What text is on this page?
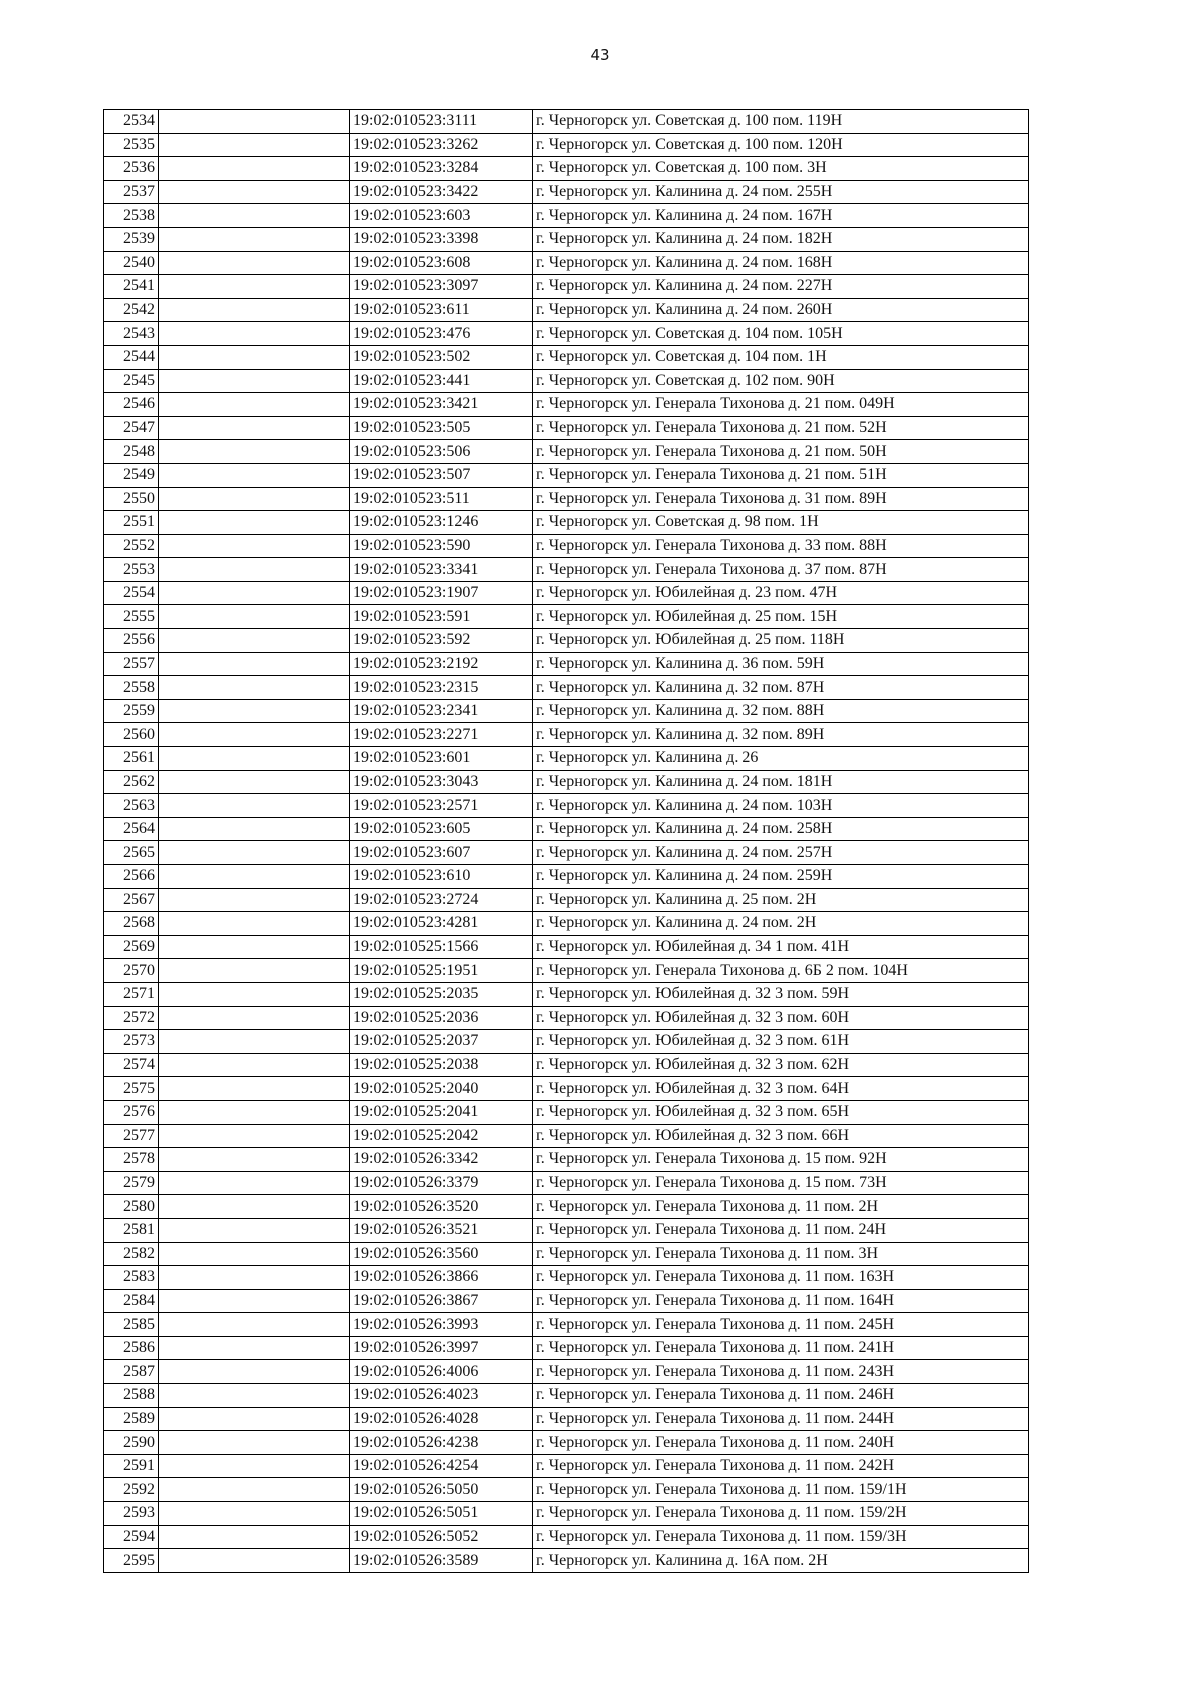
43
2534		19:02:010523:3111	г. Черногорск ул. Советская д. 100 пом. 119Н
2535		19:02:010523:3262	г. Черногорск ул. Советская д. 100 пом. 120Н
2536		19:02:010523:3284	г. Черногорск ул. Советская д. 100 пом. 3Н
2537		19:02:010523:3422	г. Черногорск ул. Калинина д. 24 пом. 255Н
2538		19:02:010523:603	г. Черногорск ул. Калинина д. 24 пом. 167Н
2539		19:02:010523:3398	г. Черногорск ул. Калинина д. 24 пом. 182Н
2540		19:02:010523:608	г. Черногорск ул. Калинина д. 24 пом. 168Н
2541		19:02:010523:3097	г. Черногорск ул. Калинина д. 24 пом. 227Н
2542		19:02:010523:611	г. Черногорск ул. Калинина д. 24 пом. 260Н
2543		19:02:010523:476	г. Черногорск ул. Советская д. 104 пом. 105Н
2544		19:02:010523:502	г. Черногорск ул. Советская д. 104 пом. 1Н
2545		19:02:010523:441	г. Черногорск ул. Советская д. 102 пом. 90Н
2546		19:02:010523:3421	г. Черногорск ул. Генерала Тихонова д. 21 пом. 049Н
2547		19:02:010523:505	г. Черногорск ул. Генерала Тихонова д. 21 пом. 52Н
2548		19:02:010523:506	г. Черногорск ул. Генерала Тихонова д. 21 пом. 50Н
2549		19:02:010523:507	г. Черногорск ул. Генерала Тихонова д. 21 пом. 51Н
2550		19:02:010523:511	г. Черногорск ул. Генерала Тихонова д. 31 пом. 89Н
2551		19:02:010523:1246	г. Черногорск ул. Советская д. 98 пом. 1Н
2552		19:02:010523:590	г. Черногорск ул. Генерала Тихонова д. 33 пом. 88Н
2553		19:02:010523:3341	г. Черногорск ул. Генерала Тихонова д. 37 пом. 87Н
2554		19:02:010523:1907	г. Черногорск ул. Юбилейная д. 23 пом. 47Н
2555		19:02:010523:591	г. Черногорск ул. Юбилейная д. 25 пом. 15Н
2556		19:02:010523:592	г. Черногорск ул. Юбилейная д. 25 пом. 118Н
2557		19:02:010523:2192	г. Черногорск ул. Калинина д. 36 пом. 59Н
2558		19:02:010523:2315	г. Черногорск ул. Калинина д. 32 пом. 87Н
2559		19:02:010523:2341	г. Черногорск ул. Калинина д. 32 пом. 88Н
2560		19:02:010523:2271	г. Черногорск ул. Калинина д. 32 пом. 89Н
2561		19:02:010523:601	г. Черногорск ул. Калинина д. 26
2562		19:02:010523:3043	г. Черногорск ул. Калинина д. 24 пом. 181Н
2563		19:02:010523:2571	г. Черногорск ул. Калинина д. 24 пом. 103Н
2564		19:02:010523:605	г. Черногорск ул. Калинина д. 24 пом. 258Н
2565		19:02:010523:607	г. Черногорск ул. Калинина д. 24 пом. 257Н
2566		19:02:010523:610	г. Черногорск ул. Калинина д. 24 пом. 259Н
2567		19:02:010523:2724	г. Черногорск ул. Калинина д. 25 пом. 2Н
2568		19:02:010523:4281	г. Черногорск ул. Калинина д. 24 пом. 2Н
2569		19:02:010525:1566	г. Черногорск ул. Юбилейная д. 34 1 пом. 41Н
2570		19:02:010525:1951	г. Черногорск ул. Генерала Тихонова д. 6Б 2 пом. 104Н
2571		19:02:010525:2035	г. Черногорск ул. Юбилейная д. 32 3 пом. 59Н
2572		19:02:010525:2036	г. Черногорск ул. Юбилейная д. 32 3 пом. 60Н
2573		19:02:010525:2037	г. Черногорск ул. Юбилейная д. 32 3 пом. 61Н
2574		19:02:010525:2038	г. Черногорск ул. Юбилейная д. 32 3 пом. 62Н
2575		19:02:010525:2040	г. Черногорск ул. Юбилейная д. 32 3 пом. 64Н
2576		19:02:010525:2041	г. Черногорск ул. Юбилейная д. 32 3 пом. 65Н
2577		19:02:010525:2042	г. Черногорск ул. Юбилейная д. 32 3 пом. 66Н
2578		19:02:010526:3342	г. Черногорск ул. Генерала Тихонова д. 15 пом. 92Н
2579		19:02:010526:3379	г. Черногорск ул. Генерала Тихонова д. 15 пом. 73Н
2580		19:02:010526:3520	г. Черногорск ул. Генерала Тихонова д. 11 пом. 2Н
2581		19:02:010526:3521	г. Черногорск ул. Генерала Тихонова д. 11 пом. 24Н
2582		19:02:010526:3560	г. Черногорск ул. Генерала Тихонова д. 11 пом. 3Н
2583		19:02:010526:3866	г. Черногорск ул. Генерала Тихонова д. 11 пом. 163Н
2584		19:02:010526:3867	г. Черногорск ул. Генерала Тихонова д. 11 пом. 164Н
2585		19:02:010526:3993	г. Черногорск ул. Генерала Тихонова д. 11 пом. 245Н
2586		19:02:010526:3997	г. Черногорск ул. Генерала Тихонова д. 11 пом. 241Н
2587		19:02:010526:4006	г. Черногорск ул. Генерала Тихонова д. 11 пом. 243Н
2588		19:02:010526:4023	г. Черногорск ул. Генерала Тихонова д. 11 пом. 246Н
2589		19:02:010526:4028	г. Черногорск ул. Генерала Тихонова д. 11 пом. 244Н
2590		19:02:010526:4238	г. Черногорск ул. Генерала Тихонова д. 11 пом. 240Н
2591		19:02:010526:4254	г. Черногорск ул. Генерала Тихонова д. 11 пом. 242Н
2592		19:02:010526:5050	г. Черногорск ул. Генерала Тихонова д. 11 пом. 159/1Н
2593		19:02:010526:5051	г. Черногорск ул. Генерала Тихонова д. 11 пом. 159/2Н
2594		19:02:010526:5052	г. Черногорск ул. Генерала Тихонова д. 11 пом. 159/3Н
2595		19:02:010526:3589	г. Черногорск ул. Калинина д. 16А пом. 2Н
